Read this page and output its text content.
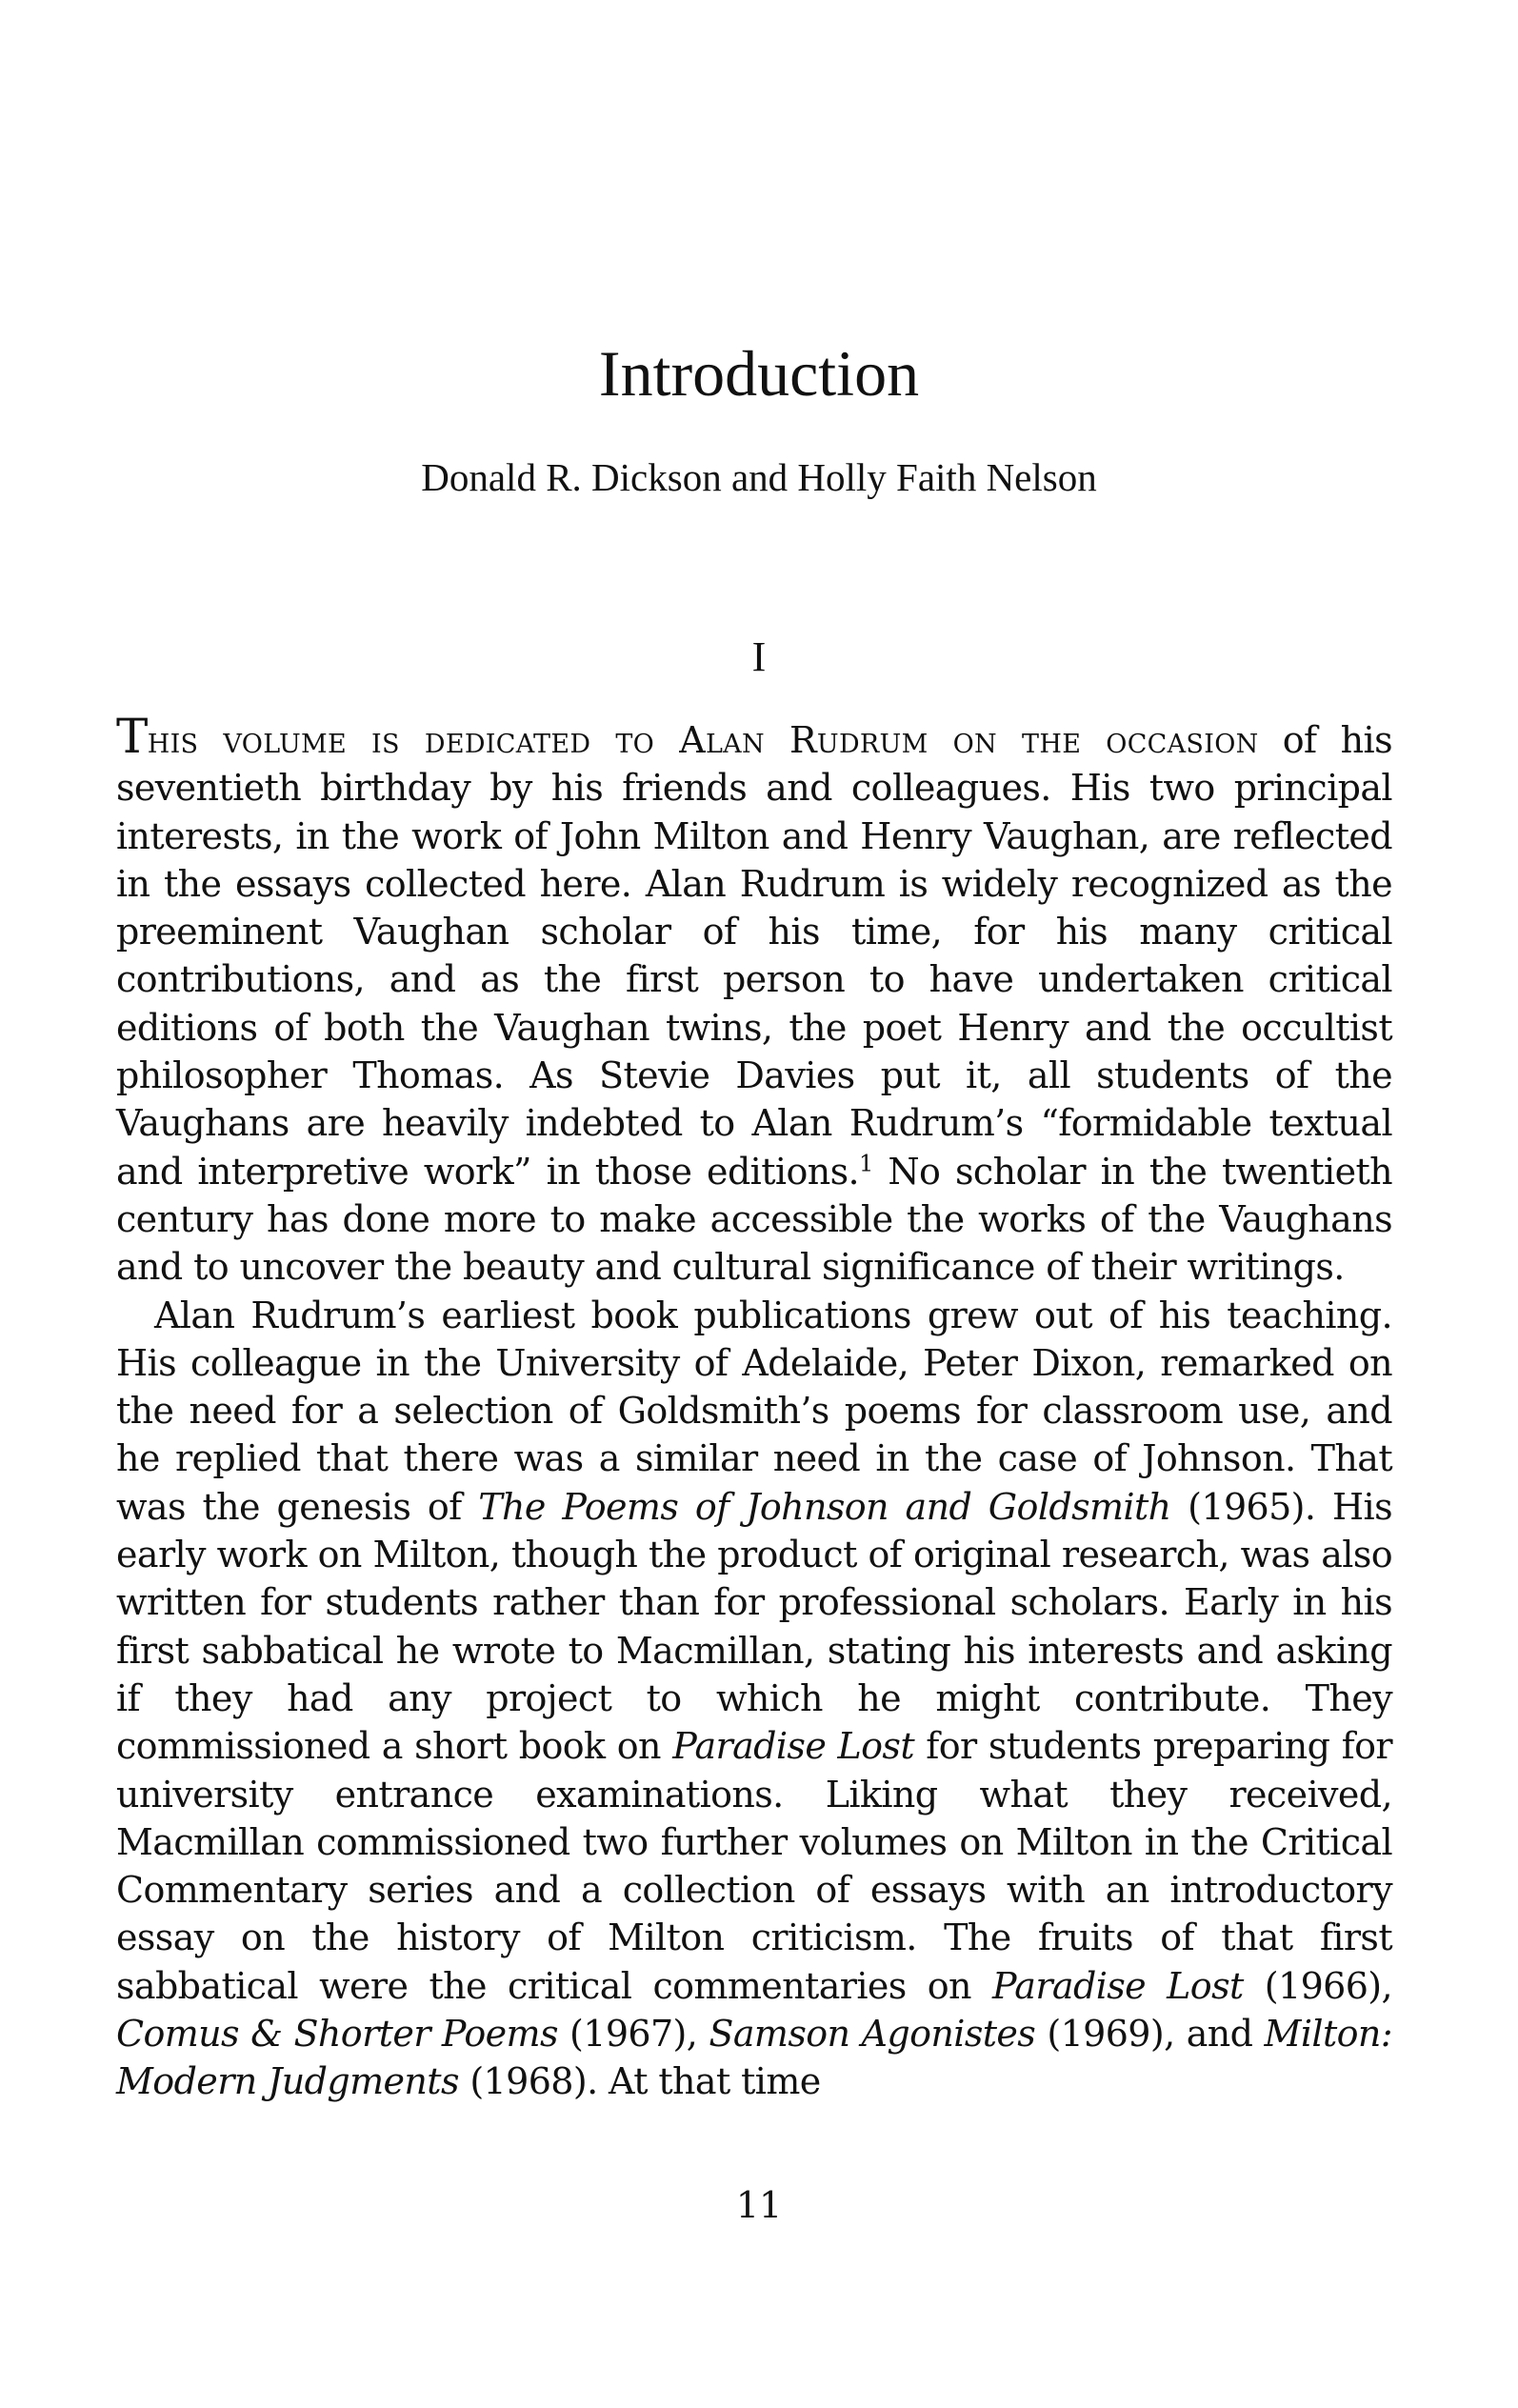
Introduction
Donald R. Dickson and Holly Faith Nelson
I

This volume is dedicated to Alan Rudrum on the occasion of his seventieth birthday by his friends and colleagues. His two principal interests, in the work of John Milton and Henry Vaughan, are reflected in the essays collected here. Alan Rudrum is widely recognized as the preeminent Vaughan scholar of his time, for his many critical contributions, and as the first person to have undertaken critical editions of both the Vaughan twins, the poet Henry and the occultist philosopher Thomas. As Stevie Davies put it, all students of the Vaughans are heavily indebted to Alan Rudrum’s “formidable textual and interpretive work” in those editions.$^1$ No scholar in the twentieth century has done more to make accessible the works of the Vaughans and to uncover the beauty and cultural significance of their writings.

Alan Rudrum’s earliest book publications grew out of his teaching. His colleague in the University of Adelaide, Peter Dixon, remarked on the need for a selection of Goldsmith’s poems for classroom use, and he replied that there was a similar need in the case of Johnson. That was the genesis of The Poems of Johnson and Goldsmith (1965). His early work on Milton, though the product of original research, was also written for students rather than for professional scholars. Early in his first sabbatical he wrote to Macmillan, stating his interests and asking if they had any project to which he might contribute. They commissioned a short book on Paradise Lost for students preparing for university entrance examinations. Liking what they received, Macmillan commissioned two further volumes on Milton in the Critical Commentary series and a collection of essays with an introductory essay on the history of Milton criticism. The fruits of that first sabbatical were the critical commentaries on Paradise Lost (1966), Comus & Shorter Poems (1967), Samson Agonistes (1969), and Milton: Modern Judgments (1968). At that time

11
